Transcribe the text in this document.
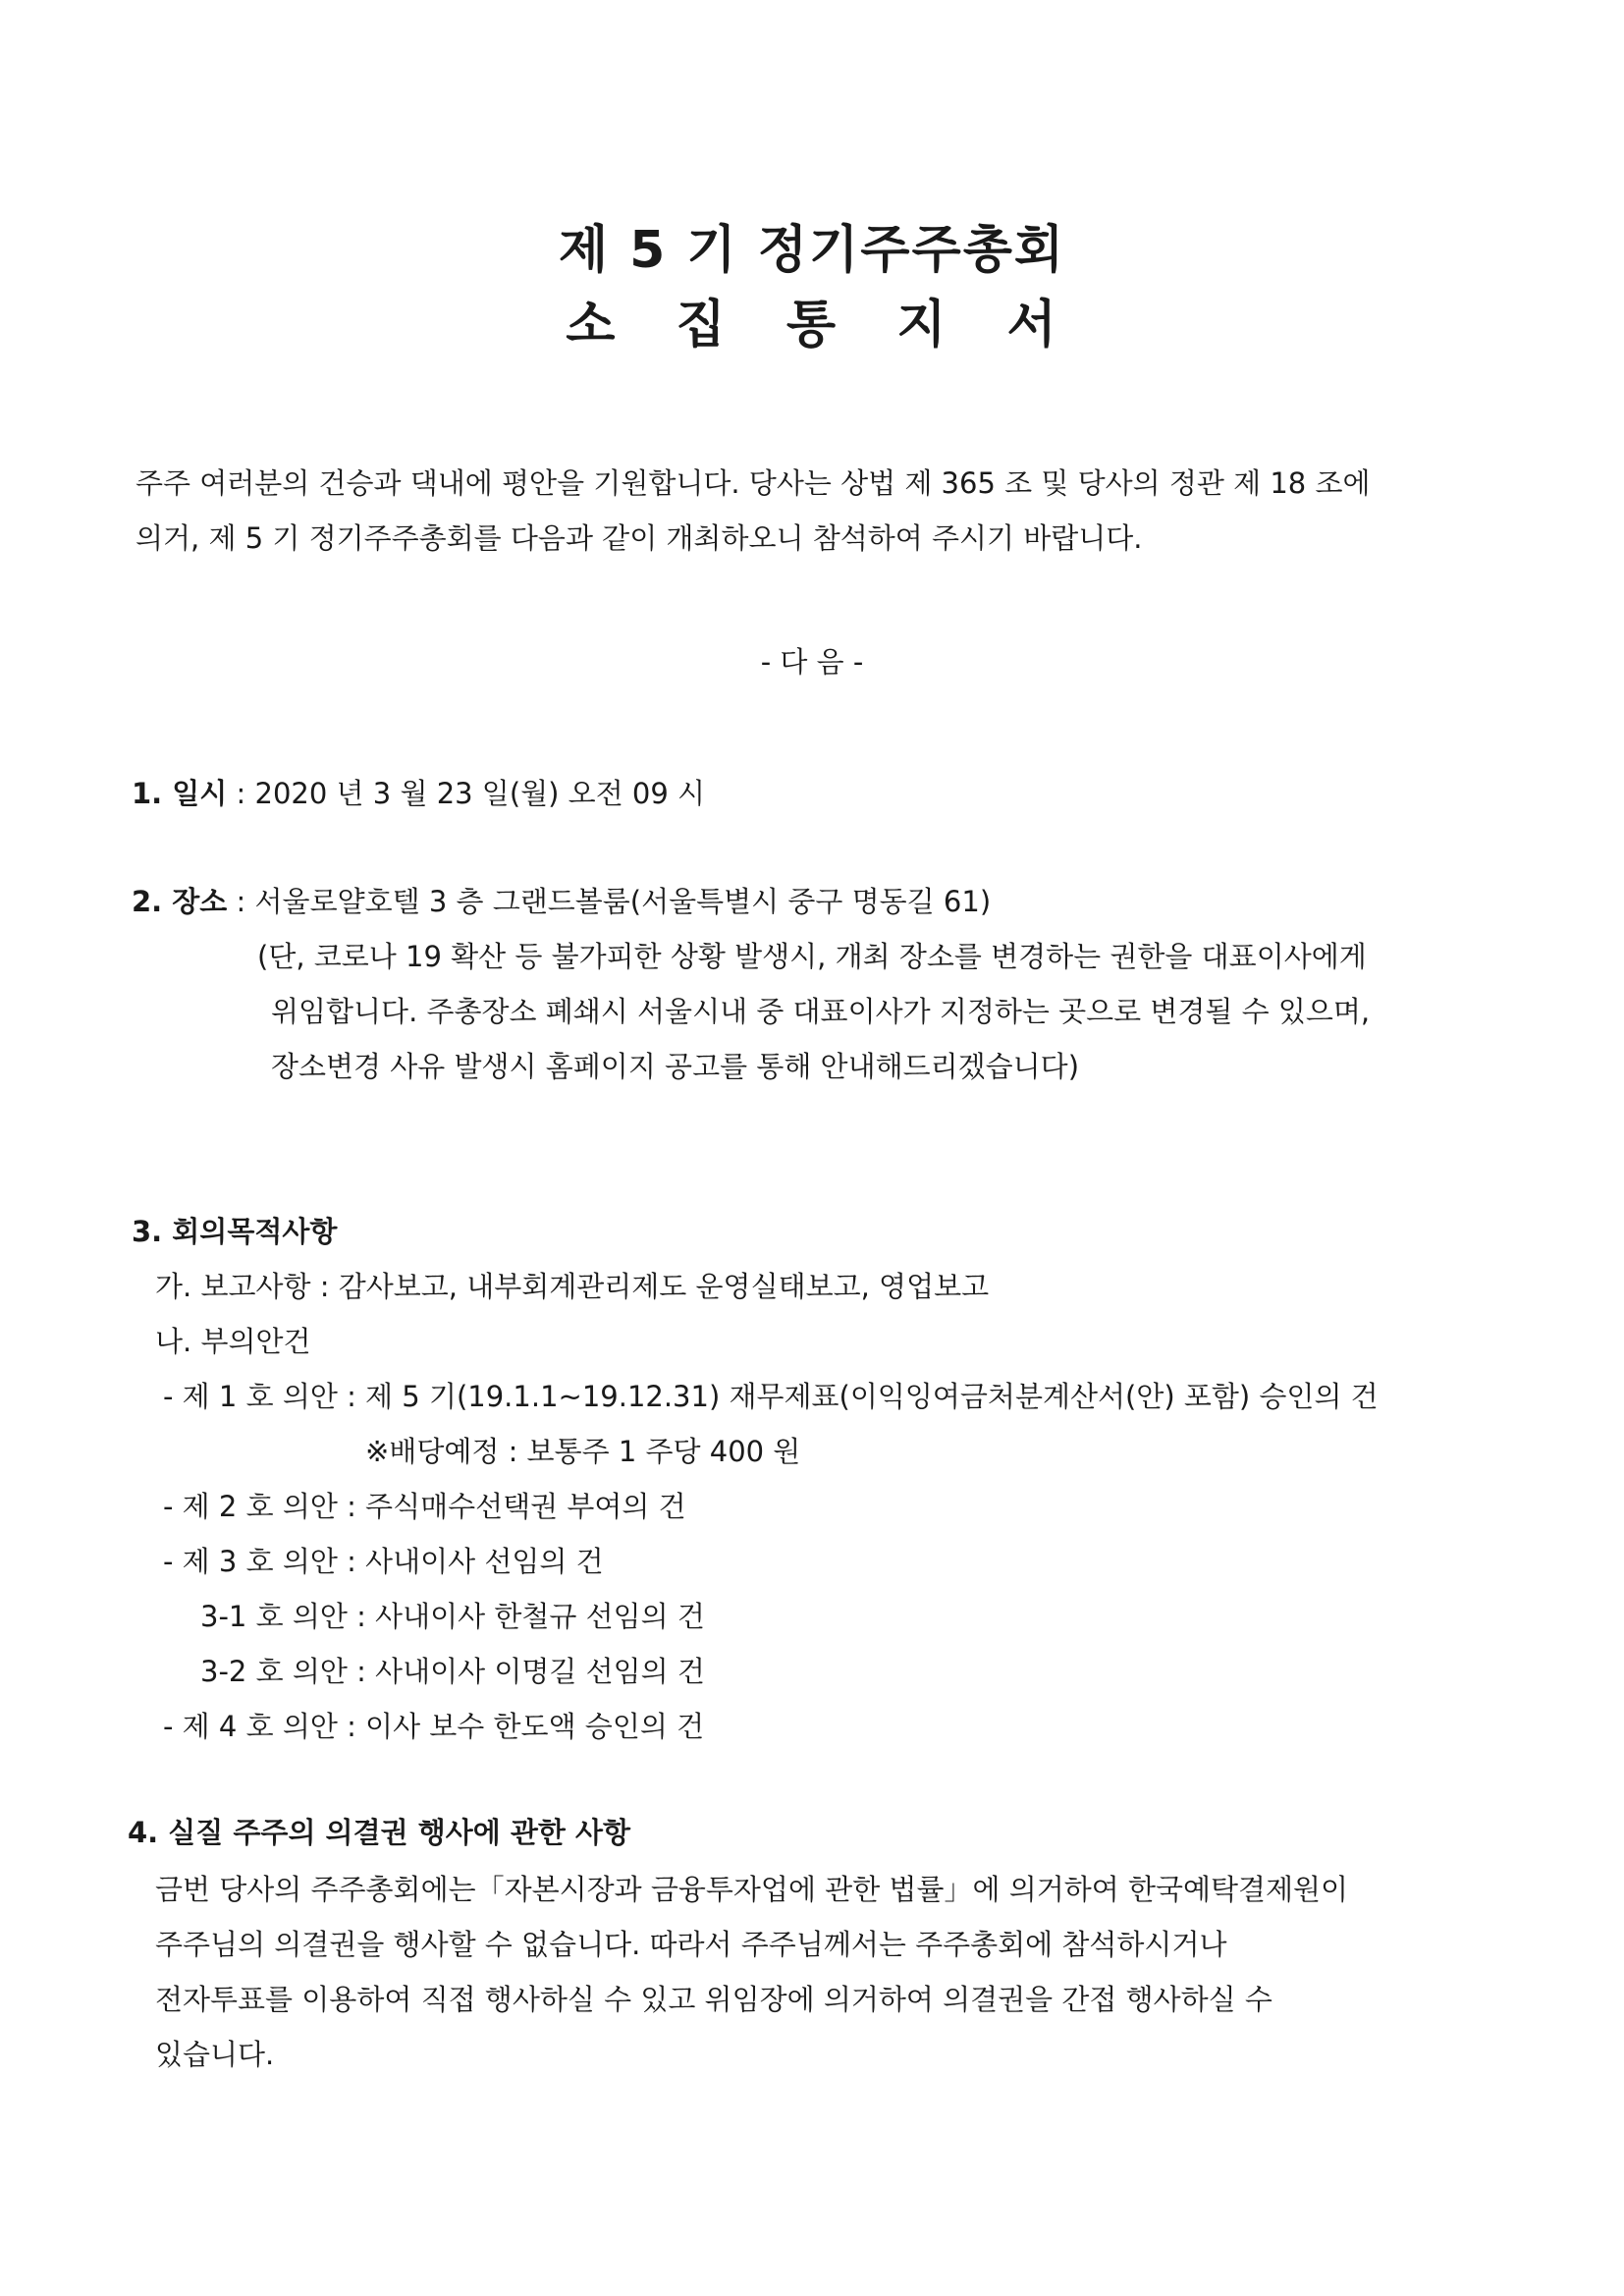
제 5 기 정기주주총회
소 집 통 지 서
주주 여러분의 건승과 댁내에 평안을 기원합니다. 당사는 상법 제 365 조 및 당사의 정관 제 18 조에
의거, 제 5 기 정기주주총회를 다음과 같이 개최하오니 참석하여 주시기 바랍니다.
- 다 음 -
1. 일시 : 2020 년 3 월 23 일(월) 오전 09 시
2. 장소 : 서울로얄호텔 3 층 그랜드볼룸(서울특별시 중구 명동길 61)
(단, 코로나 19 확산 등 불가피한 상황 발생시, 개최 장소를 변경하는 권한을 대표이사에게
위임합니다. 주총장소 폐쇄시 서울시내 중 대표이사가 지정하는 곳으로 변경될 수 있으며,
장소변경 사유 발생시 홈페이지 공고를 통해 안내해드리겠습니다)
3. 회의목적사항
가. 보고사항 : 감사보고, 내부회계관리제도 운영실태보고, 영업보고
나. 부의안건
- 제 1 호 의안 : 제 5 기(19.1.1~19.12.31) 재무제표(이익잉여금처분계산서(안) 포함) 승인의 건
※배당예정 : 보통주 1 주당 400 원
- 제 2 호 의안 : 주식매수선택권 부여의 건
- 제 3 호 의안 : 사내이사 선임의 건
3-1 호 의안 : 사내이사 한철규 선임의 건
3-2 호 의안 : 사내이사 이명길 선임의 건
- 제 4 호 의안 : 이사 보수 한도액 승인의 건
4. 실질 주주의 의결권 행사에 관한 사항
금번 당사의 주주총회에는「자본시장과 금융투자업에 관한 법률」에 의거하여 한국예탁결제원이
주주님의 의결권을 행사할 수 없습니다. 따라서 주주님께서는 주주총회에 참석하시거나
전자투표를 이용하여 직접 행사하실 수 있고 위임장에 의거하여 의결권을 간접 행사하실 수
있습니다.
